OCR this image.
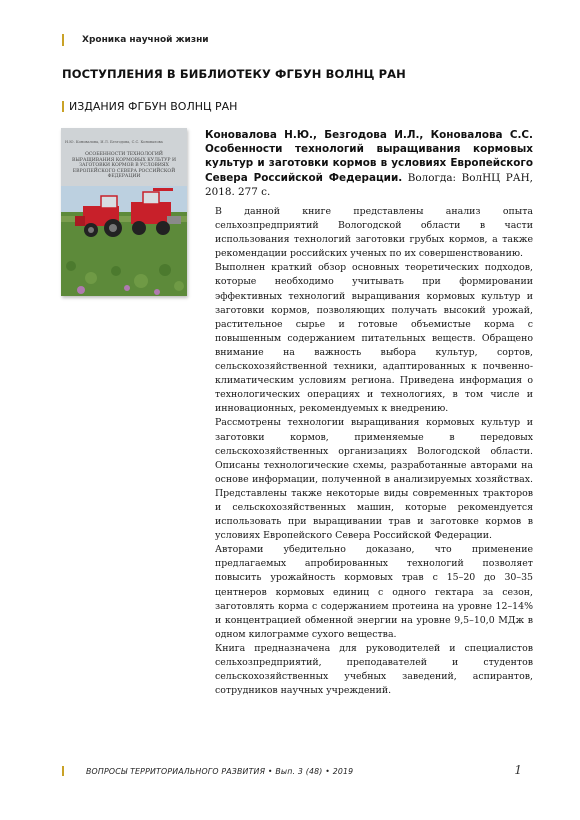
Хроника научной жизни
ПОСТУПЛЕНИЯ В БИБЛИОТЕКУ ФГБУН ВОЛНЦ РАН
ИЗДАНИЯ ФГБУН ВОЛНЦ РАН
Н.Ю. Коновалова, И.Л. Безгодова, С.С. Коновалова
ОСОБЕННОСТИ ТЕХНОЛОГИЙ ВЫРАЩИВАНИЯ КОРМОВЫХ КУЛЬТУР И ЗАГОТОВКИ КОРМОВ В УСЛОВИЯХ ЕВРОПЕЙСКОГО СЕВЕРА РОССИЙСКОЙ ФЕДЕРАЦИИ
Коновалова Н.Ю., Безгодова И.Л., Коновалова С.С. Особенности технологий выращивания кормовых культур и заготовки кормов в условиях Европейского Севера Российской Федерации. Вологда: ВолНЦ РАН, 2018. 277 с.

В данной книге представлены анализ опыта сельхозпредприятий Вологодской области в части использования технологий заготовки грубых кормов, а также рекомендации российских ученых по их совершенствованию.

Выполнен краткий обзор основных теоретических подходов, которые необходимо учитывать при формировании эффективных технологий выращивания кормовых культур и заготовки кормов, позволяющих получать высокий урожай, растительное сырье и готовые объемистые корма с повышенным содержанием питательных веществ. Обращено внимание на важность выбора культур, сортов, сельскохозяйственной техники, адаптированных к почвенно-климатическим условиям региона. Приведена информация о технологических операциях и технологиях, в том числе и инновационных, рекомендуемых к внедрению.

Рассмотрены технологии выращивания кормовых культур и заготовки кормов, применяемые в передовых сельскохозяйственных организациях Вологодской области. Описаны технологические схемы, разработанные авторами на основе информации, полученной в анализируемых хозяйствах. Представлены также некоторые виды современных тракторов и сельскохозяйственных машин, которые рекомендуется использовать при выращивании трав и заготовке кормов в условиях Европейского Севера Российской Федерации.

Авторами убедительно доказано, что применение предлагаемых апробированных технологий позволяет повысить урожайность кормовых трав с 15–20 до 30–35 центнеров кормовых единиц с одного гектара за сезон, заготовлять корма с содержанием протеина на уровне 12–14% и концентрацией обменной энергии на уровне 9,5–10,0 МДж в одном килограмме сухого вещества.

Книга предназначена для руководителей и специалистов сельхозпредприятий, преподавателей и студентов сельскохозяйственных учебных заведений, аспирантов, сотрудников научных учреждений.

ВОПРОСЫ ТЕРРИТОРИАЛЬНОГО РАЗВИТИЯ • Вып. 3 (48) • 2019	1
